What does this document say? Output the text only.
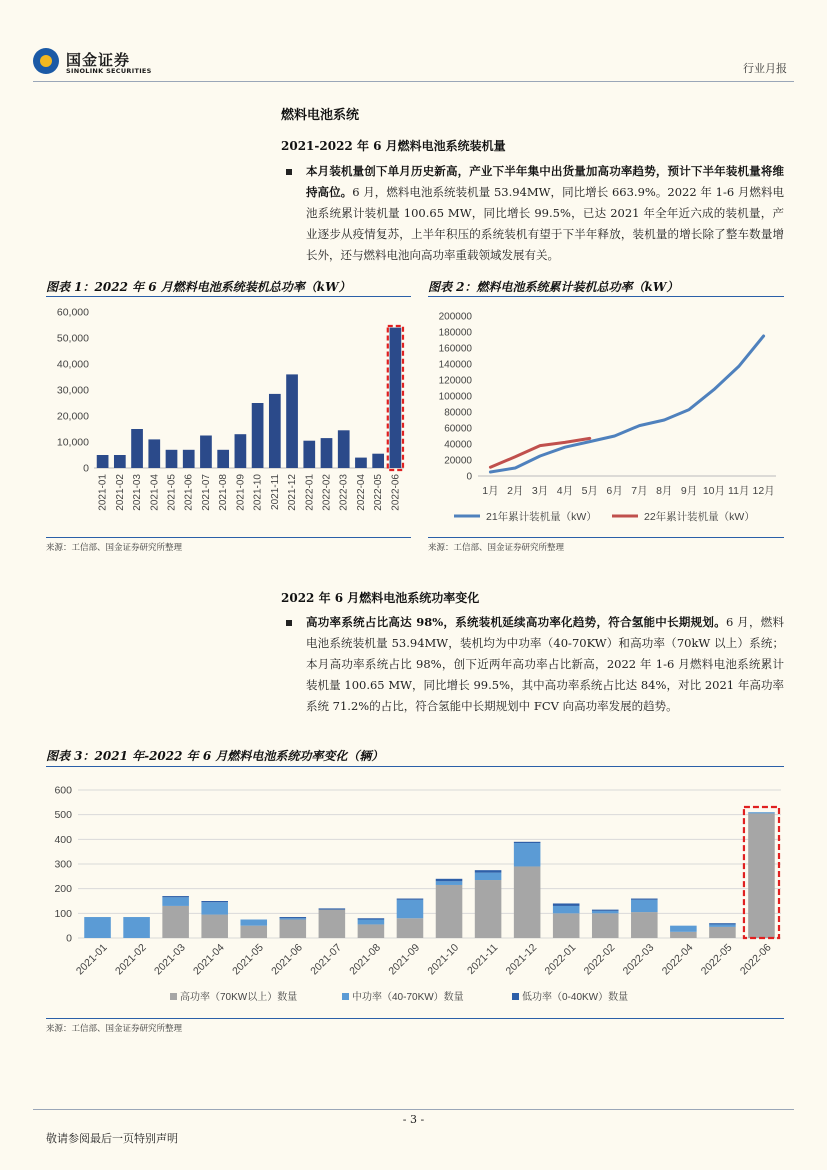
国金证券
SINOLINK SECURITIES	行业月报
燃料电池系统
2021-2022 年 6 月燃料电池系统装机量
本月装机量创下单月历史新高，产业下半年集中出货量加高功率趋势，预计下半年装机量将维持高位。6 月，燃料电池系统装机量 53.94MW，同比增长 663.9%。2022 年 1-6 月燃料电池系统累计装机量 100.65 MW，同比增长 99.5%，已达 2021 年全年近六成的装机量，产业逐步从疫情复苏，上半年积压的系统装机有望于下半年释放，装机量的增长除了整车数量增长外，还与燃料电池向高功率重载领域发展有关。
图表 1：2022 年 6 月燃料电池系统装机总功率（kW）
0
10,000
20,000
30,000
40,000
50,000
60,000
2021-01 2021-02 2021-03 2021-04 2021-05 2021-06 2021-07 2021-08 2021-09 2021-10 2021-11 2021-12 2022-01 2022-02 2022-03 2022-04 2022-05 2022-06
来源：工信部、国金证券研究所整理
图表 2：燃料电池系统累计装机总功率（kW）
0
20000
40000
60000
80000
100000
120000
140000
160000
180000
200000
1月 2月 3月 4月 5月 6月 7月 8月 9月 10月 11月 12月
21年累计装机量（kW）	22年累计装机量（kW）
来源：工信部、国金证券研究所整理
2022 年 6 月燃料电池系统功率变化
高功率系统占比高达 98%，系统装机延续高功率化趋势，符合氢能中长期规划。6 月，燃料电池系统装机量 53.94MW，装机均为中功率（40-70KW）和高功率（70kW 以上）系统；本月高功率系统占比 98%，创下近两年高功率占比新高，2022 年 1-6 月燃料电池系统累计装机量 100.65 MW，同比增长 99.5%，其中高功率系统占比达 84%，对比 2021 年高功率系统 71.2%的占比，符合氢能中长期规划中 FCV 向高功率发展的趋势。
图表 3：2021 年-2022 年 6 月燃料电池系统功率变化（辆）
0
100
200
300
400
500
600
2021-01 2021-02 2021-03 2021-04 2021-05 2021-06 2021-07 2021-08 2021-09 2021-10 2021-11 2021-12 2022-01 2022-02 2022-03 2022-04 2022-05 2022-06
高功率（70KW以上）数量	中功率（40-70KW）数量	低功率（0-40KW）数量
来源：工信部、国金证券研究所整理
- 3 -
敬请参阅最后一页特别声明
